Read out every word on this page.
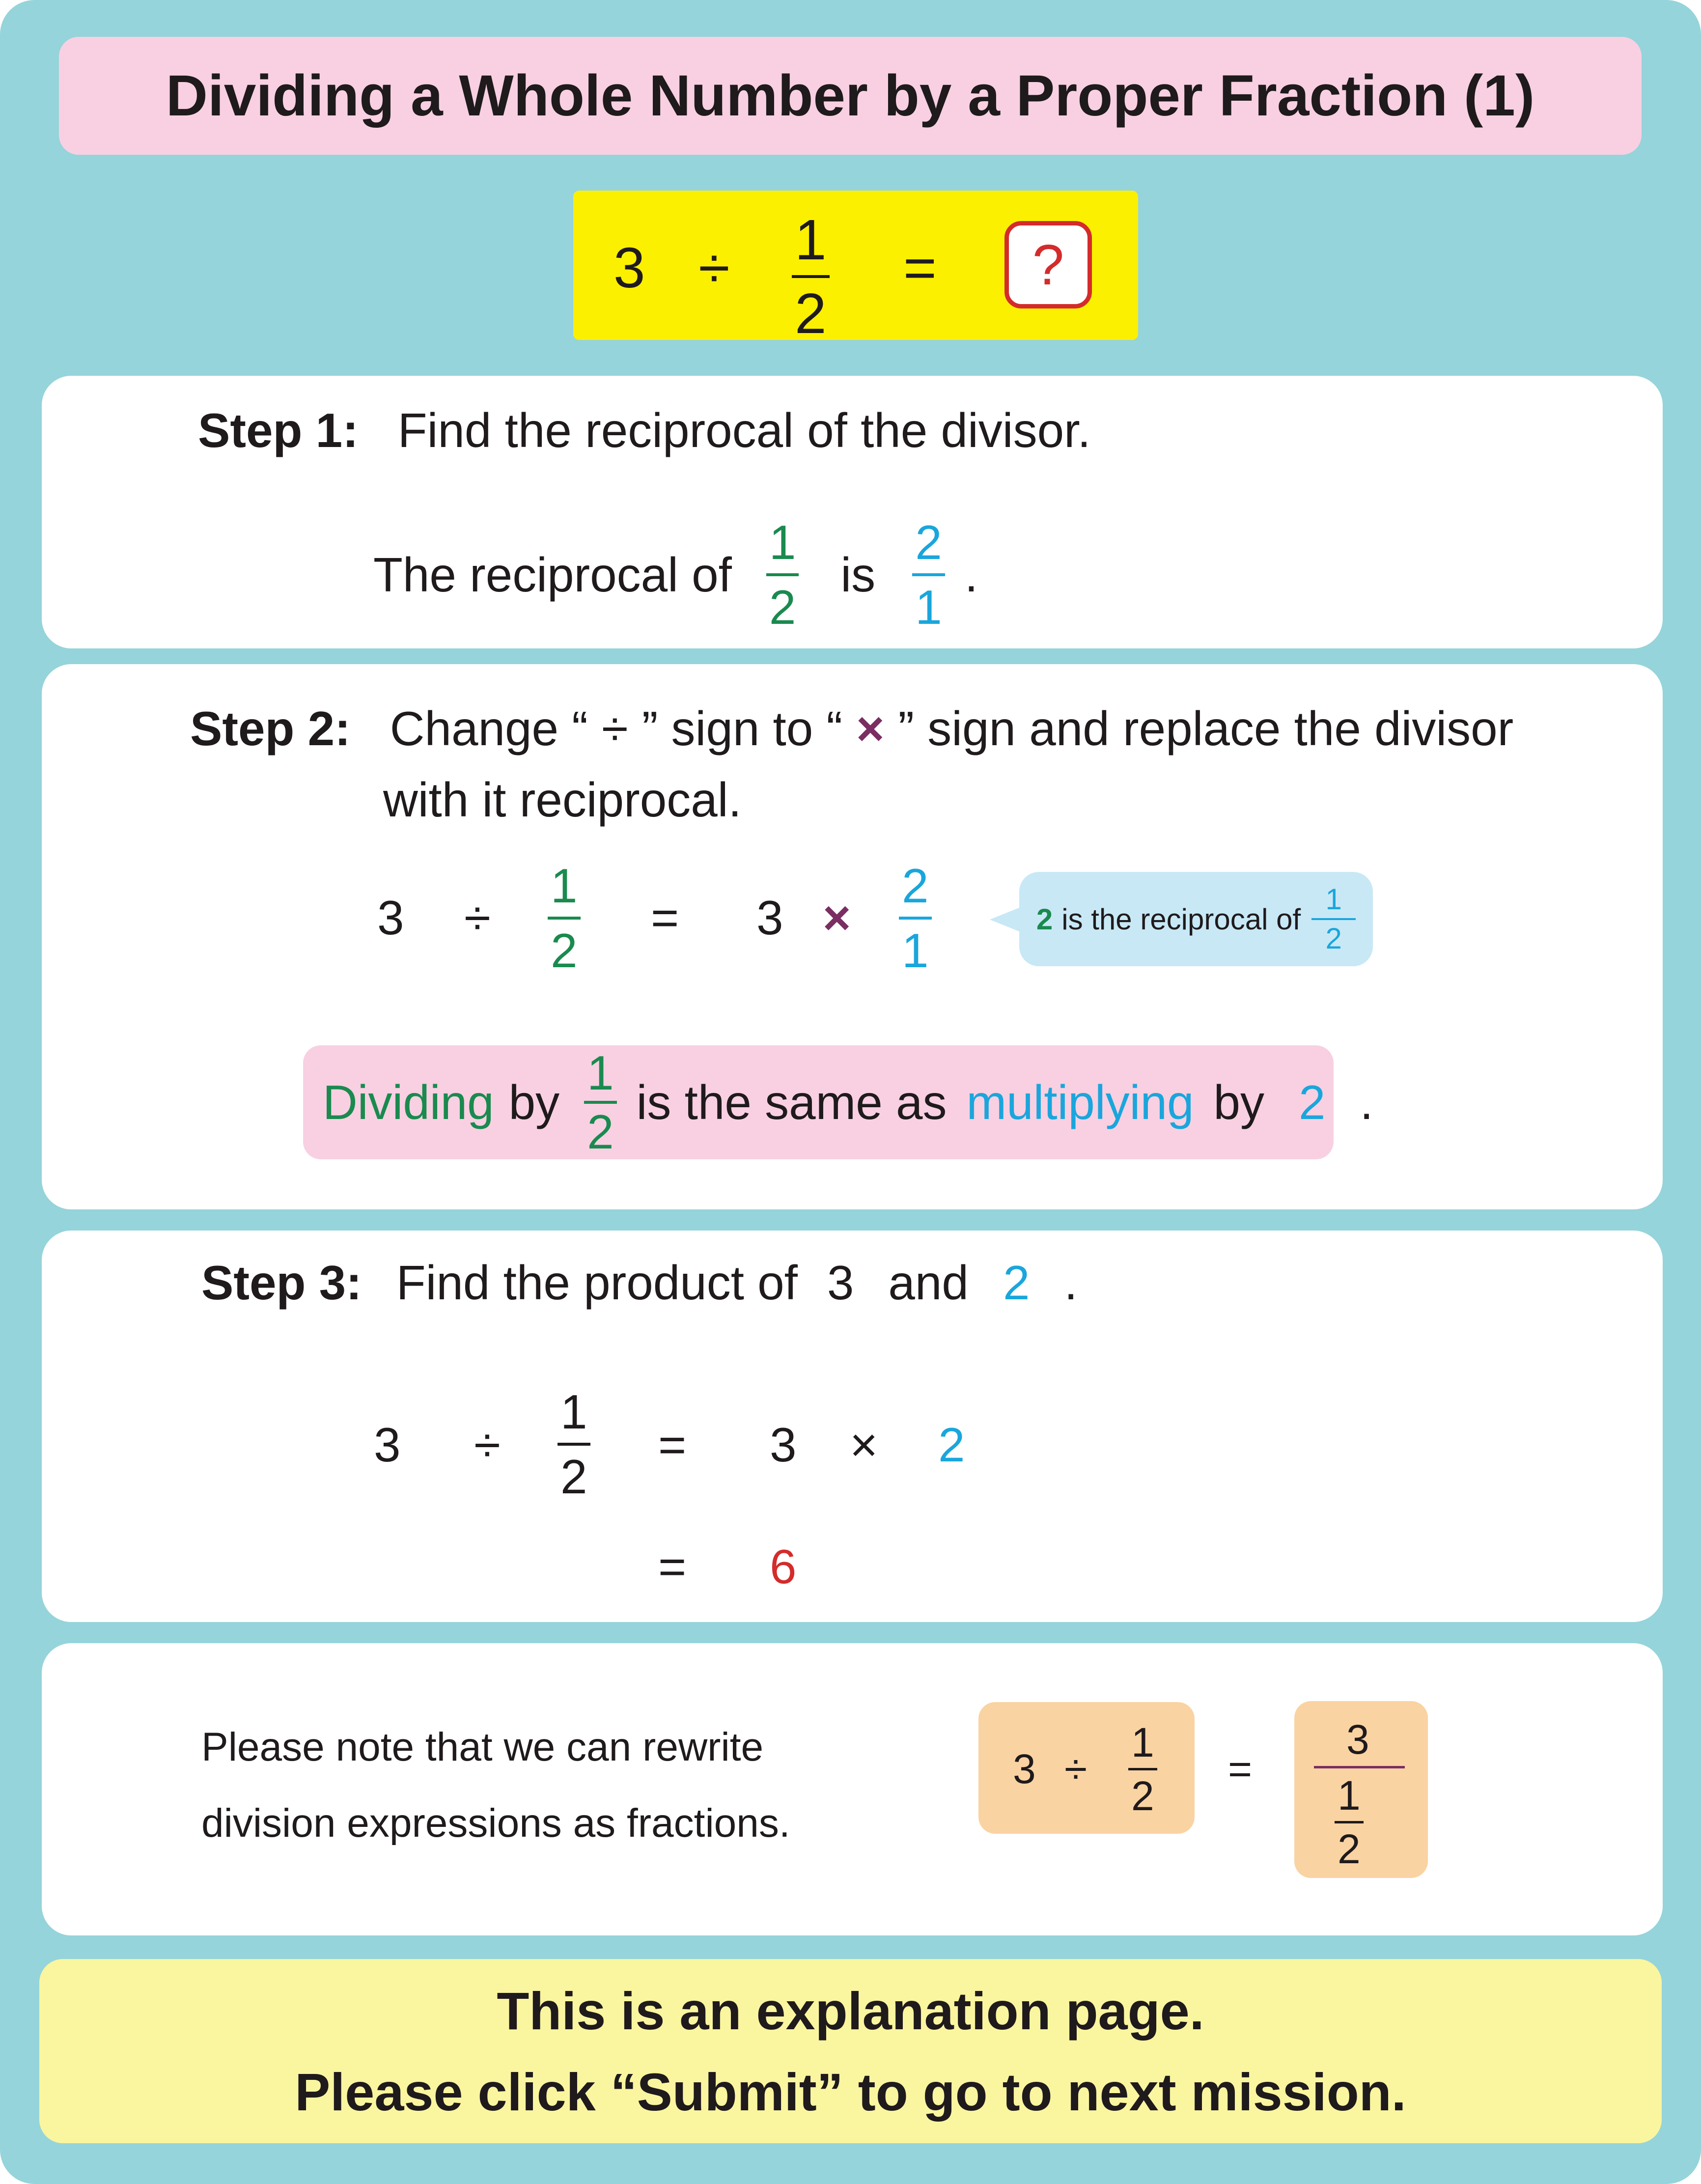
Dividing a Whole Number by a Proper Fraction (1)
3 ÷ 1
2
= ?
Step 1: Find the reciprocal of the divisor.
The reciprocal of
1
2
is
2
1
.
Step 2: Change “ ÷ ” sign to “ × ” sign and replace the divisor
with it reciprocal.
3 ÷
1
2
= 3 ×
2
1
2 is the reciprocal of $\frac{1}{2}$
Dividing by
1
2
is the same as multiplying by 2 .
Step 3: Find the product of 3 and 2 .
3 ÷
1
2
= 3 × 2
= 6
Please note that we can rewrite
division expressions as fractions.
3 ÷
1
2
=
3
1
2
This is an explanation page.
Please click “Submit” to go to next mission.
